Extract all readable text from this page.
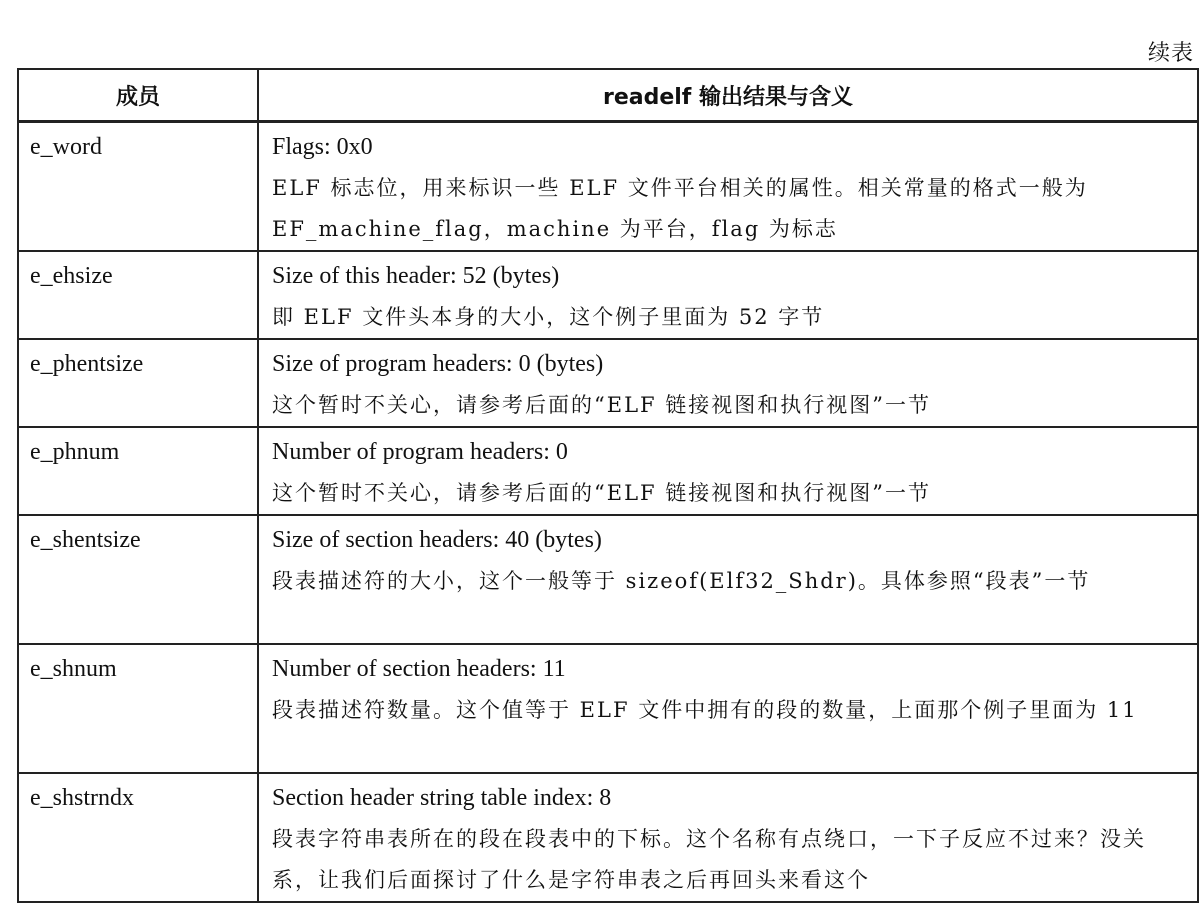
续表
成员	readelf 输出结果与含义
e_word	Flags: 0x0
ELF 标志位，用来标识一些 ELF 文件平台相关的属性。相关常量的格式一般为 EF_machine_flag，machine 为平台，flag 为标志

e_ehsize	Size of this header: 52 (bytes)
即 ELF 文件头本身的大小，这个例子里面为 52 字节

e_phentsize	Size of program headers: 0 (bytes)
这个暂时不关心，请参考后面的“ELF 链接视图和执行视图”一节

e_phnum	Number of program headers: 0
这个暂时不关心，请参考后面的“ELF 链接视图和执行视图”一节

e_shentsize	Size of section headers: 40 (bytes)
段表描述符的大小，这个一般等于 sizeof(Elf32_Shdr)。具体参照“段表”一节

e_shnum	Number of section headers: 11
段表描述符数量。这个值等于 ELF 文件中拥有的段的数量，上面那个例子里面为 11

e_shstrndx	Section header string table index: 8
段表字符串表所在的段在段表中的下标。这个名称有点绕口，一下子反应不过来？没关系，让我们后面探讨了什么是字符串表之后再回头来看这个
